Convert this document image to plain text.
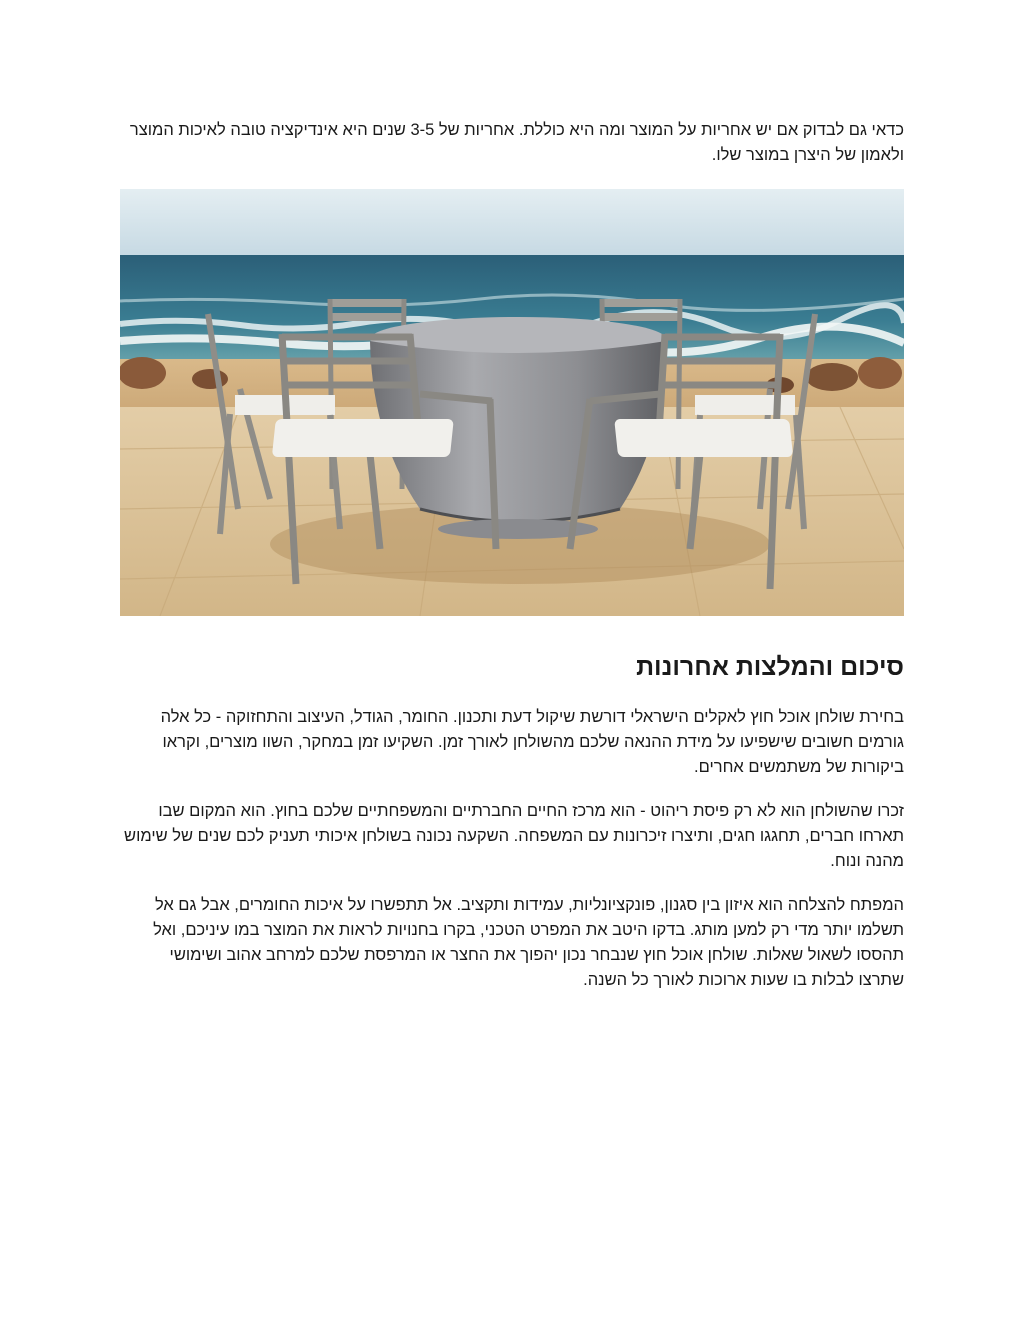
כדאי גם לבדוק אם יש אחריות על המוצר ומה היא כוללת. אחריות של 3-5 שנים היא אינדיקציה טובה לאיכות המוצר ולאמון של היצרן במוצר שלו.

סיכום והמלצות אחרונות

בחירת שולחן אוכל חוץ לאקלים הישראלי דורשת שיקול דעת ותכנון. החומר, הגודל, העיצוב והתחזוקה - כל אלה גורמים חשובים שישפיעו על מידת ההנאה שלכם מהשולחן לאורך זמן. השקיעו זמן במחקר, השוו מוצרים, וקראו ביקורות של משתמשים אחרים.

זכרו שהשולחן הוא לא רק פיסת ריהוט - הוא מרכז החיים החברתיים והמשפחתיים שלכם בחוץ. הוא המקום שבו תארחו חברים, תחגגו חגים, ותיצרו זיכרונות עם המשפחה. השקעה נכונה בשולחן איכותי תעניק לכם שנים של שימוש מהנה ונוח.

המפתח להצלחה הוא איזון בין סגנון, פונקציונליות, עמידות ותקציב. אל תתפשרו על איכות החומרים, אבל גם אל תשלמו יותר מדי רק למען מותג. בדקו היטב את המפרט הטכני, בקרו בחנויות לראות את המוצר במו עיניכם, ואל תהססו לשאול שאלות. שולחן אוכל חוץ שנבחר נכון יהפוך את החצר או המרפסת שלכם למרחב אהוב ושימושי שתרצו לבלות בו שעות ארוכות לאורך כל השנה.
